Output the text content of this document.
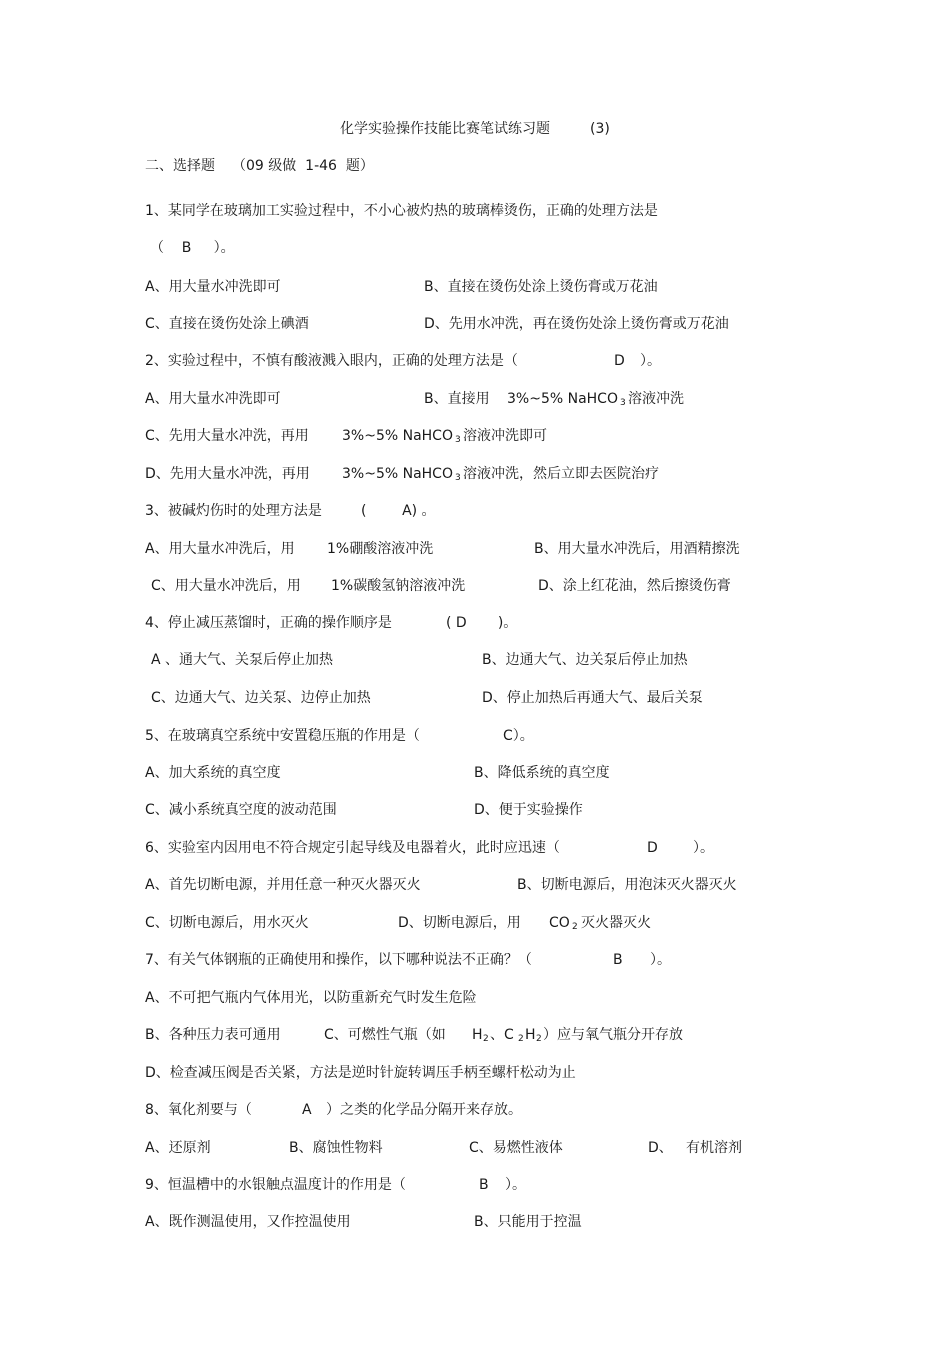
化学实验操作技能比赛笔试练习题	(3)
二、选择题 （09 级做  1-46  题）
1、某同学在玻璃加工实验过程中，不小心被灼热的玻璃棒烫伤，正确的处理方法是
（    B     ）。
A、用大量水冲洗即可	B、直接在烫伤处涂上烫伤膏或万花油
C、直接在烫伤处涂上碘酒	D、先用水冲洗，再在烫伤处涂上烫伤膏或万花油
2、实验过程中，不慎有酸液溅入眼内，正确的处理方法是（	D ）。
A、用大量水冲洗即可	B、直接用 3%~5% NaHCO $_3$ 溶液冲洗
C、先用大量水冲洗，再用 3%~5% NaHCO $_3$ 溶液冲洗即可
D、先用大量水冲洗，再用 3%~5% NaHCO $_3$ 溶液冲洗，然后立即去医院治疗
3、被碱灼伤时的处理方法是	(        A) 。
A、用大量水冲洗后，用 1%硼酸溶液冲洗	B、用大量水冲洗后，用酒精擦洗
C、用大量水冲洗后，用 1%碳酸氢钠溶液冲洗	D、涂上红花油，然后擦烫伤膏
4、停止减压蒸馏时，正确的操作顺序是	( D       )。
A 、通大气、关泵后停止加热	B、边通大气、边关泵后停止加热
C、边通大气、边关泵、边停止加热	D、停止加热后再通大气、最后关泵
5、在玻璃真空系统中安置稳压瓶的作用是（	C）。
A、加大系统的真空度	B、降低系统的真空度
C、减小系统真空度的波动范围	D、便于实验操作
6、实验室内因用电不符合规定引起导线及电器着火，此时应迅速（	D	）。
A、首先切断电源，并用任意一种灭火器灭火	B、切断电源后，用泡沫灭火器灭火
C、切断电源后，用水灭火	D、切断电源后，用 CO $_2$ 灭火器灭火
7、有关气体钢瓶的正确使用和操作，以下哪种说法不正确？（	B ）。
A、不可把气瓶内气体用光，以防重新充气时发生危险
B、各种压力表可通用	C、可燃性气瓶（如 H $_2$ 、C $_2$ H $_2$ ）应与氧气瓶分开存放
D、检查减压阀是否关紧，方法是逆时针旋转调压手柄至螺杆松动为止
8、氧化剂要与（	A ）之类的化学品分隔开来存放。
A、还原剂	B、腐蚀性物料	C、易燃性液体	D、 有机溶剂
9、恒温槽中的水银触点温度计的作用是（	B ）。
A、既作测温使用，又作控温使用	B、只能用于控温
